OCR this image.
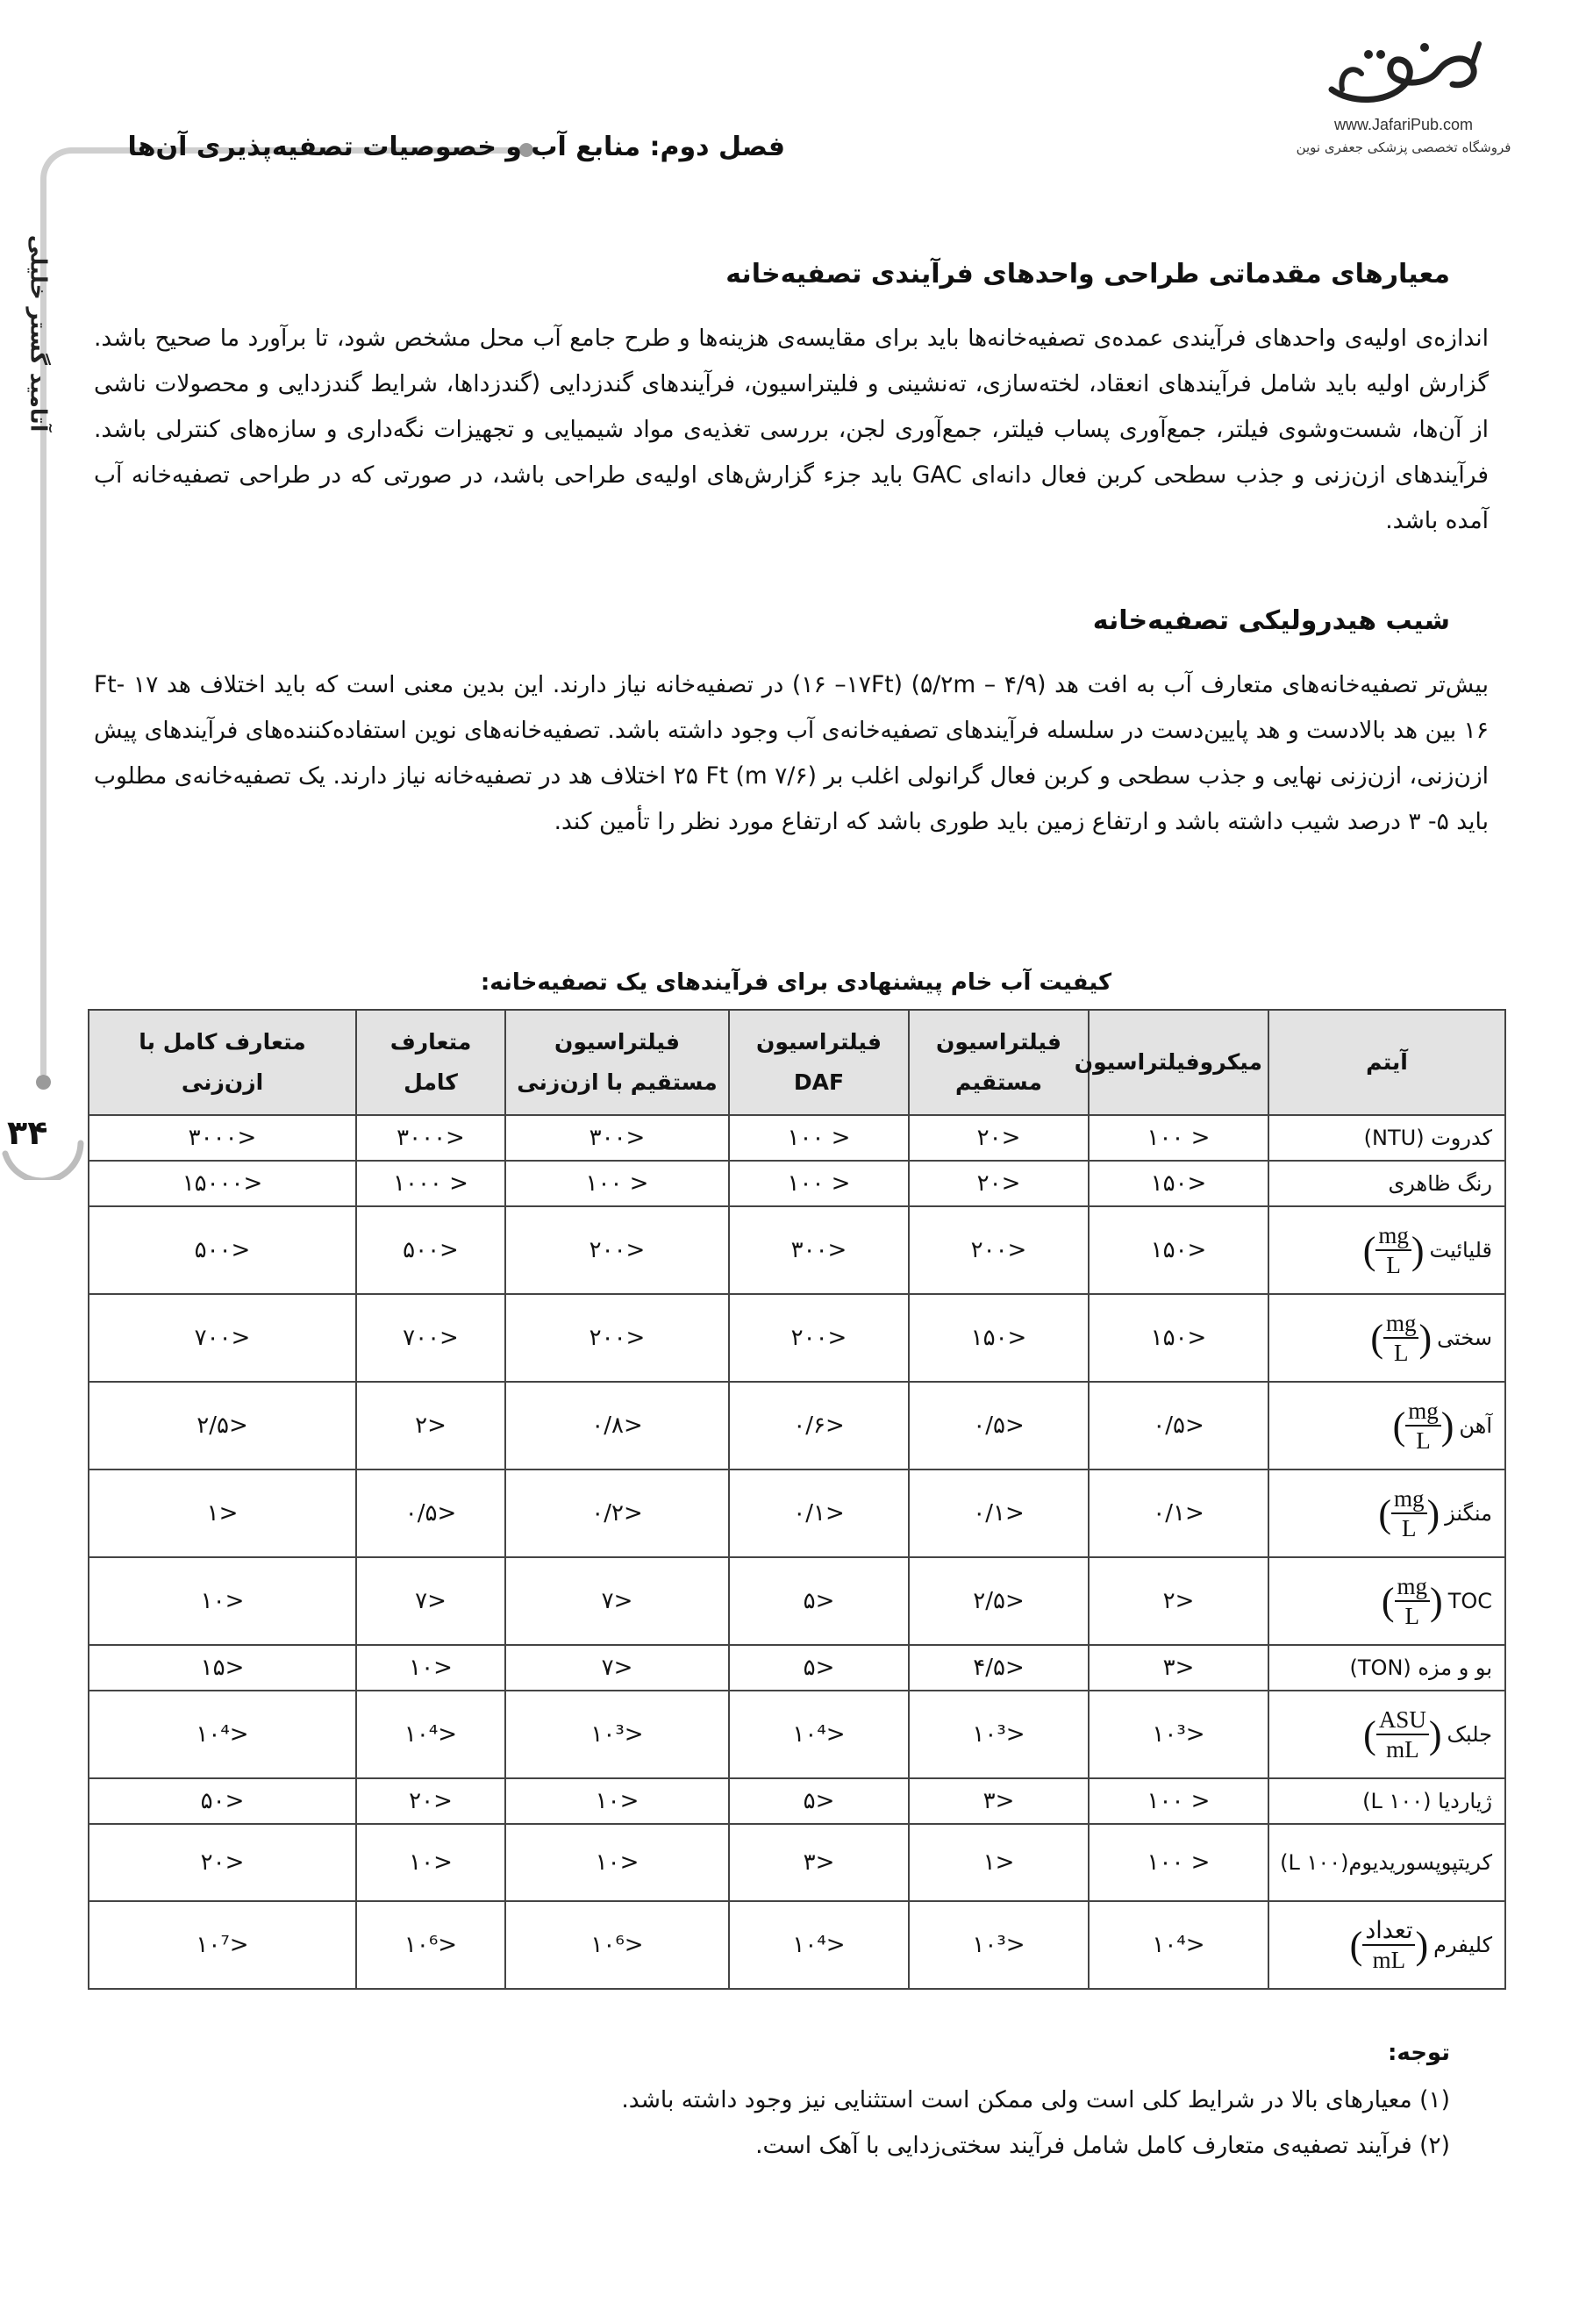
آتامید گستر خلیلی
۳۴
www.JafariPub.com
فروشگاه تخصصی پزشکی جعفری نوین
فصل دوم: منابع آب و خصوصیات تصفیه‌پذیری آن‌ها
معیارهای مقدماتی طراحی واحدهای فرآیندی تصفیه‌خانه
اندازه‌ی اولیه‌ی واحدهای فرآیندی عمده‌ی تصفیه‌خانه‌ها باید برای مقایسه‌ی هزینه‌ها و طرح جامع آب محل مشخص شود، تا برآورد ما صحیح باشد. گزارش اولیه باید شامل فرآیندهای انعقاد، لخته‌سازی، ته‌نشینی و فلیتراسیون، فرآیندهای گندزدایی (گندزداها، شرایط گندزدایی و محصولات ناشی از آن‌ها، شست‌وشوی فیلتر، جمع‌آوری پساب فیلتر، جمع‌آوری لجن، بررسی تغذیه‌ی مواد شیمیایی و تجهیزات نگه‌داری و سازه‌های کنترلی باشد. فرآیندهای ازن‌زنی و جذب سطحی کربن فعال دانه‌ای GAC باید جزء گزارش‌های اولیه‌ی طراحی باشد، در صورتی که در طراحی تصفیه‌خانه آب آمده باشد.
شیب هیدرولیکی تصفیه‌خانه
بیش‌تر تصفیه‌خانه‌های متعارف آب به افت هد (۴/۹ – ۵/۲m) (۱۶ –۱۷Ft) در تصفیه‌خانه نیاز دارند. این بدین معنی است که باید اختلاف هد ۱۷ -Ft ۱۶ بین هد بالادست و هد پایین‌دست در سلسله فرآیندهای تصفیه‌خانه‌ی آب وجود داشته باشد. تصفیه‌خانه‌های نوین استفاده‌کننده‌های فرآیندهای پیش ازن‌زنی، ازن‌زنی نهایی و جذب سطحی و کربن فعال گرانولی اغلب بر (۷/۶ m) ۲۵ Ft اختلاف هد در تصفیه‌خانه نیاز دارند. یک تصفیه‌خانه‌ی مطلوب باید ۵- ۳ درصد شیب داشته باشد و ارتفاع زمین باید طوری باشد که ارتفاع مورد نظر را تأمین کند.
کیفیت آب خام پیشنهادی برای فرآیندهای یک تصفیه‌خانه:
آیتم	میکروفیلتراسیون	فیلتراسیون مستقیم	فیلتراسیون DAF	فیلتراسیون مستقیم با ازن‌زنی	متعارف کامل	متعارف کامل با ازن‌زنی

کدروت (NTU)	< ۱۰۰	<۲۰	< ۱۰۰	<۳۰۰	<۳۰۰۰	<۳۰۰۰

رنگ ظاهری	<۱۵۰	<۲۰	< ۱۰۰	< ۱۰۰	< ۱۰۰۰	<۱۵۰۰۰

قلیائیت
( $\frac{mg}{L}$ )	<۱۵۰	<۲۰۰	<۳۰۰	<۲۰۰	<۵۰۰	<۵۰۰

سختی
( $\frac{mg}{L}$ )	<۱۵۰	<۱۵۰	<۲۰۰	<۲۰۰	<۷۰۰	<۷۰۰

آهن
( $\frac{mg}{L}$ )	<۰/۵	<۰/۵	<۰/۶	<۰/۸	<۲	<۲/۵

منگنز
( $\frac{mg}{L}$ )	<۰/۱	<۰/۱	<۰/۱	<۰/۲	<۰/۵	<۱

TOC
( $\frac{mg}{L}$ )	<۲	<۲/۵	<۵	<۷	<۷	<۱۰

بو و مزه (TON)	<۳	<۴/۵	<۵	<۷	<۱۰	<۱۵

جلبک
( $\frac{\text{ASU}}{mL}$ )	<۱۰³	<۱۰³	<۱۰⁴	<۱۰³	<۱۰⁴	<۱۰⁴

ژیاردیا (L ۱۰۰)	< ۱۰۰	<۳	<۵	<۱۰	<۲۰	<۵۰

کریتپوپسوریدیوم(L ۱۰۰)	< ۱۰۰	<۱	<۳	<۱۰	<۱۰	<۲۰

کلیفرم
( $\frac{\text{تعداد}}{mL}$ )	<۱۰⁴	<۱۰³	<۱۰⁴	<۱۰⁶	<۱۰⁶	<۱۰⁷
توجه:
(۱) معیارهای بالا در شرایط کلی است ولی ممکن است استثنایی نیز وجود داشته باشد.
(۲) فرآیند تصفیه‌ی متعارف کامل شامل فرآیند سختی‌زدایی با آهک است.
